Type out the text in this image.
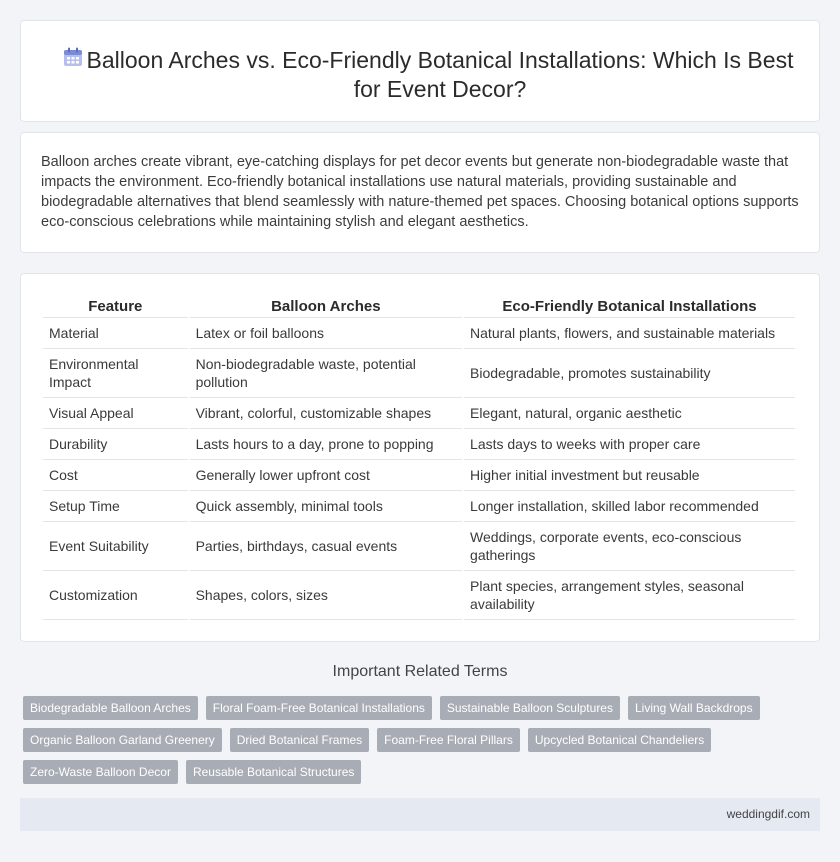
Balloon Arches vs. Eco-Friendly Botanical Installations: Which Is Best for Event Decor?

Balloon arches create vibrant, eye-catching displays for pet decor events but generate non-biodegradable waste that impacts the environment. Eco-friendly botanical installations use natural materials, providing sustainable and biodegradable alternatives that blend seamlessly with nature-themed pet spaces. Choosing botanical options supports eco-conscious celebrations while maintaining stylish and elegant aesthetics.

Feature	Balloon Arches	Eco-Friendly Botanical Installations
Material	Latex or foil balloons	Natural plants, flowers, and sustainable materials
Environmental Impact	Non-biodegradable waste, potential pollution	Biodegradable, promotes sustainability
Visual Appeal	Vibrant, colorful, customizable shapes	Elegant, natural, organic aesthetic
Durability	Lasts hours to a day, prone to popping	Lasts days to weeks with proper care
Cost	Generally lower upfront cost	Higher initial investment but reusable
Setup Time	Quick assembly, minimal tools	Longer installation, skilled labor recommended
Event Suitability	Parties, birthdays, casual events	Weddings, corporate events, eco-conscious gatherings
Customization	Shapes, colors, sizes	Plant species, arrangement styles, seasonal availability
Important Related Terms
Biodegradable Balloon Arches	Floral Foam-Free Botanical Installations	Sustainable Balloon Sculptures	Living Wall Backdrops
Organic Balloon Garland Greenery	Dried Botanical Frames	Foam-Free Floral Pillars	Upcycled Botanical Chandeliers
Zero-Waste Balloon Decor	Reusable Botanical Structures
weddingdif.com
